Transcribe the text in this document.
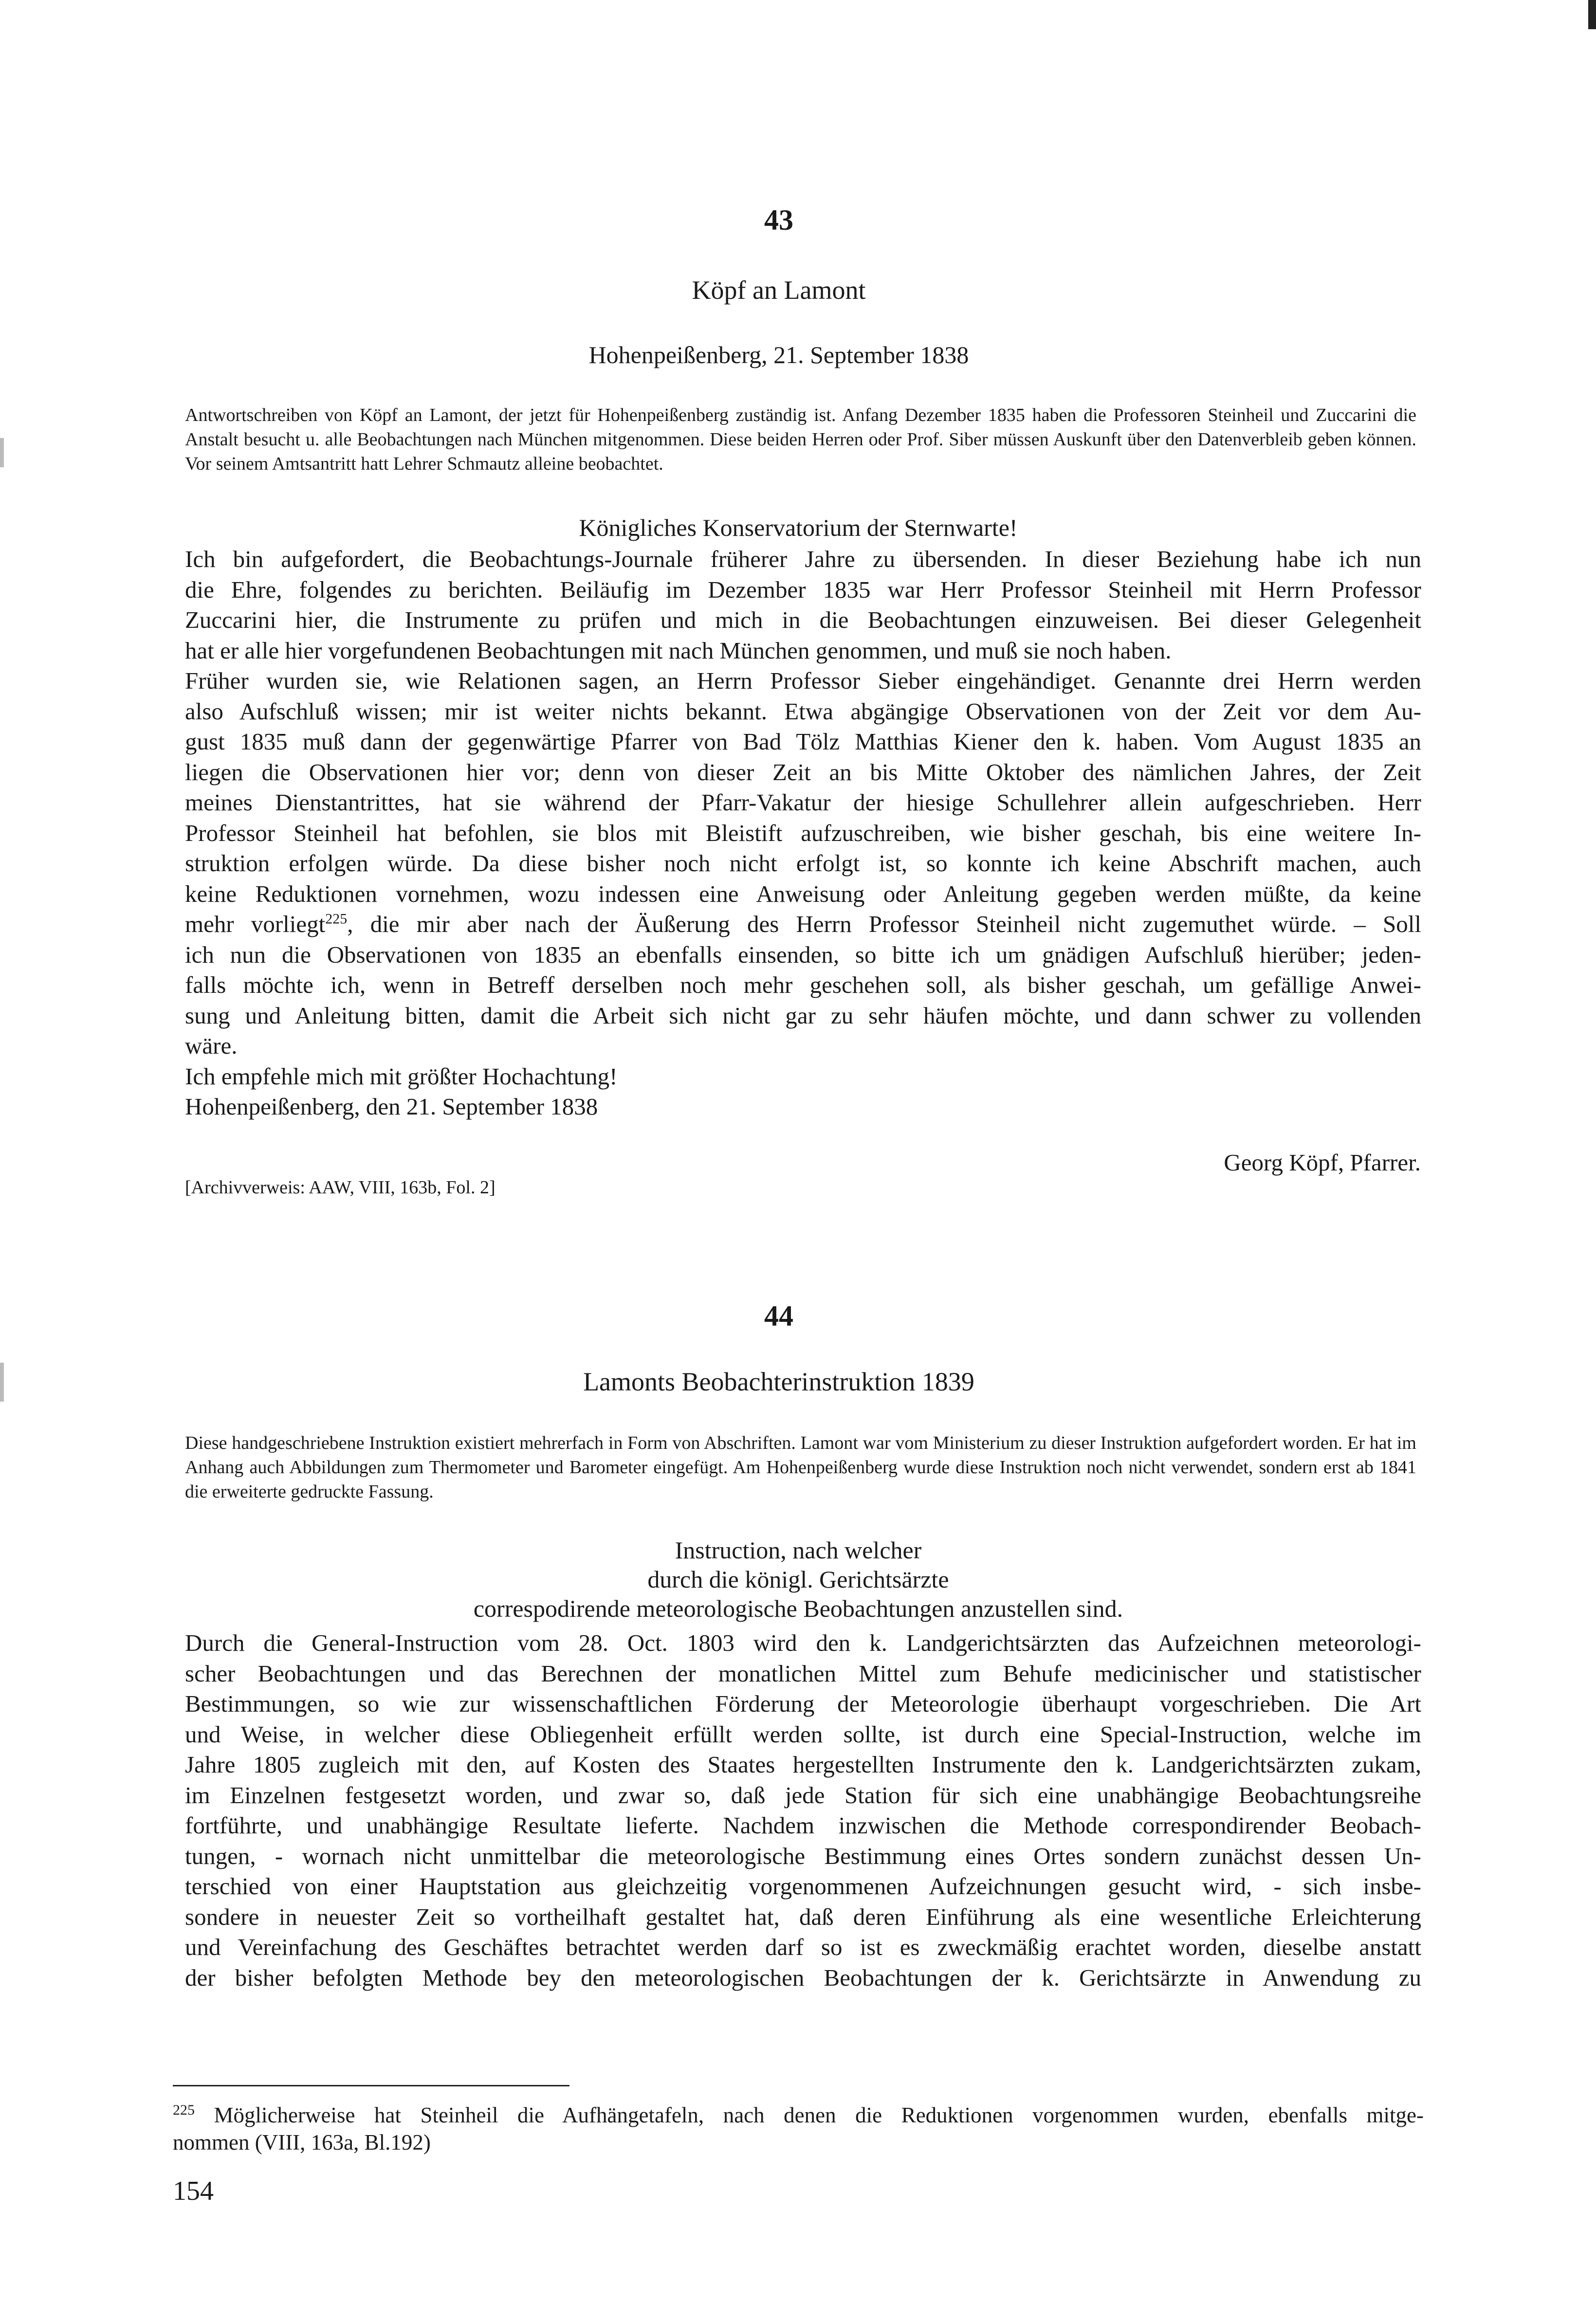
43
Köpf an Lamont
Hohenpeißenberg, 21. September 1838
Antwortschreiben von Köpf an Lamont, der jetzt für Hohenpeißenberg zuständig ist. Anfang Dezember 1835 haben die Professoren Steinheil und Zuccarini die Anstalt besucht u. alle Beobachtungen nach München mitgenommen. Diese beiden Herren oder Prof. Siber müssen Auskunft über den Datenverbleib geben können. Vor seinem Amtsantritt hatt Lehrer Schmautz alleine beobachtet.
Königliches Konservatorium der Sternwarte!

Ich bin aufgefordert, die Beobachtungs-Journale früherer Jahre zu übersenden. In dieser Beziehung habe ich nun

die Ehre, folgendes zu berichten. Beiläufig im Dezember 1835 war Herr Professor Steinheil mit Herrn Professor

Zuccarini hier, die Instrumente zu prüfen und mich in die Beobachtungen einzuweisen. Bei dieser Gelegenheit

hat er alle hier vorgefundenen Beobachtungen mit nach München genommen, und muß sie noch haben.

Früher wurden sie, wie Relationen sagen, an Herrn Professor Sieber eingehändiget. Genannte drei Herrn werden

also Aufschluß wissen; mir ist weiter nichts bekannt. Etwa abgängige Observationen von der Zeit vor dem Au-

gust 1835 muß dann der gegenwärtige Pfarrer von Bad Tölz Matthias Kiener den k. haben. Vom August 1835 an

liegen die Observationen hier vor; denn von dieser Zeit an bis Mitte Oktober des nämlichen Jahres, der Zeit

meines Dienstantrittes, hat sie während der Pfarr-Vakatur der hiesige Schullehrer allein aufgeschrieben. Herr

Professor Steinheil hat befohlen, sie blos mit Bleistift aufzuschreiben, wie bisher geschah, bis eine weitere In-

struktion erfolgen würde. Da diese bisher noch nicht erfolgt ist, so konnte ich keine Abschrift machen, auch

keine Reduktionen vornehmen, wozu indessen eine Anweisung oder Anleitung gegeben werden müßte, da keine

mehr vorliegt$^{225}$, die mir aber nach der Äußerung des Herrn Professor Steinheil nicht zugemuthet würde. – Soll

ich nun die Observationen von 1835 an ebenfalls einsenden, so bitte ich um gnädigen Aufschluß hierüber; jeden-

falls möchte ich, wenn in Betreff derselben noch mehr geschehen soll, als bisher geschah, um gefällige Anwei-

sung und Anleitung bitten, damit die Arbeit sich nicht gar zu sehr häufen möchte, und dann schwer zu vollenden

wäre.

Ich empfehle mich mit größter Hochachtung!

Hohenpeißenberg, den 21. September 1838

Georg Köpf, Pfarrer.
[Archivverweis: AAW, VIII, 163b, Fol. 2]
44
Lamonts Beobachterinstruktion 1839
Diese handgeschriebene Instruktion existiert mehrerfach in Form von Abschriften. Lamont war vom Ministerium zu dieser Instruktion aufgefordert worden. Er hat im Anhang auch Abbildungen zum Thermometer und Barometer eingefügt. Am Hohenpeißenberg wurde diese Instruktion noch nicht verwendet, sondern erst ab 1841 die erweiterte gedruckte Fassung.
Instruction, nach welcher
durch die königl. Gerichtsärzte
correspodirende meteorologische Beobachtungen anzustellen sind.

Durch die General-Instruction vom 28. Oct. 1803 wird den k. Landgerichtsärzten das Aufzeichnen meteorologi-

scher Beobachtungen und das Berechnen der monatlichen Mittel zum Behufe medicinischer und statistischer

Bestimmungen, so wie zur wissenschaftlichen Förderung der Meteorologie überhaupt vorgeschrieben. Die Art

und Weise, in welcher diese Obliegenheit erfüllt werden sollte, ist durch eine Special-Instruction, welche im

Jahre 1805 zugleich mit den, auf Kosten des Staates hergestellten Instrumente den k. Landgerichtsärzten zukam,

im Einzelnen festgesetzt worden, und zwar so, daß jede Station für sich eine unabhängige Beobachtungsreihe

fortführte, und unabhängige Resultate lieferte. Nachdem inzwischen die Methode correspondirender Beobach-

tungen, - wornach nicht unmittelbar die meteorologische Bestimmung eines Ortes sondern zunächst dessen Un-

terschied von einer Hauptstation aus gleichzeitig vorgenommenen Aufzeichnungen gesucht wird, - sich insbe-

sondere in neuester Zeit so vortheilhaft gestaltet hat, daß deren Einführung als eine wesentliche Erleichterung

und Vereinfachung des Geschäftes betrachtet werden darf so ist es zweckmäßig erachtet worden, dieselbe anstatt

der bisher befolgten Methode bey den meteorologischen Beobachtungen der k. Gerichtsärzte in Anwendung zu

$^{225}$ Möglicherweise hat Steinheil die Aufhängetafeln, nach denen die Reduktionen vorgenommen wurden, ebenfalls mitge-
nommen (VIII, 163a, Bl.192)
154
